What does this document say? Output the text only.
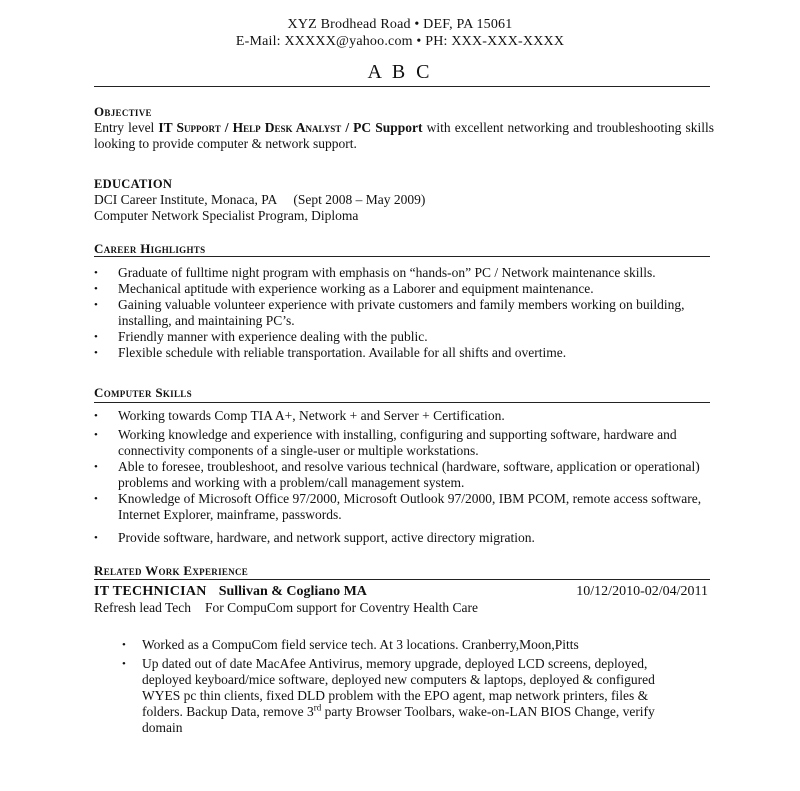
XYZ Brodhead Road • DEF, PA 15061
E-Mail: XXXXX@yahoo.com • PH: XXX-XXX-XXXX
A B C
Objective
Entry level IT Support / Help Desk Analyst / PC Support with excellent networking and troubleshooting skills looking to provide computer & network support.
EDUCATION
DCI Career Institute, Monaca, PA     (Sept 2008 – May 2009)
Computer Network Specialist Program, Diploma
Career Highlights
• Graduate of fulltime night program with emphasis on “hands-on” PC / Network maintenance skills.
• Mechanical aptitude with experience working as a Laborer and equipment maintenance.
• Gaining valuable volunteer experience with private customers and family members working on building, installing, and maintaining PC’s.
• Friendly manner with experience dealing with the public.
• Flexible schedule with reliable transportation. Available for all shifts and overtime.
Computer Skills
• Working towards Comp TIA A+, Network + and Server + Certification.
• Working knowledge and experience with installing, configuring and supporting software, hardware and connectivity components of a single-user or multiple workstations.
• Able to foresee, troubleshoot, and resolve various technical (hardware, software, application or operational) problems and working with a problem/call management system.
• Knowledge of Microsoft Office 97/2000, Microsoft Outlook 97/2000, IBM PCOM, remote access software, Internet Explorer, mainframe, passwords.
• Provide software, hardware, and network support, active directory migration.
Related Work Experience
IT TECHNICIAN Sullivan & Cogliano MA	10/12/2010-02/04/2011
Refresh lead Tech For CompuCom support for Coventry Health Care
• Worked as a CompuCom field service tech. At 3 locations. Cranberry,Moon,Pitts
• Up dated out of date MacAfee Antivirus, memory upgrade, deployed LCD screens, deployed, deployed keyboard/mice software, deployed new computers & laptops, deployed & configured WYES pc thin clients, fixed DLD problem with the EPO agent, map network printers, files & folders. Backup Data, remove 3rd party Browser Toolbars, wake-on-LAN BIOS Change, verify domain
